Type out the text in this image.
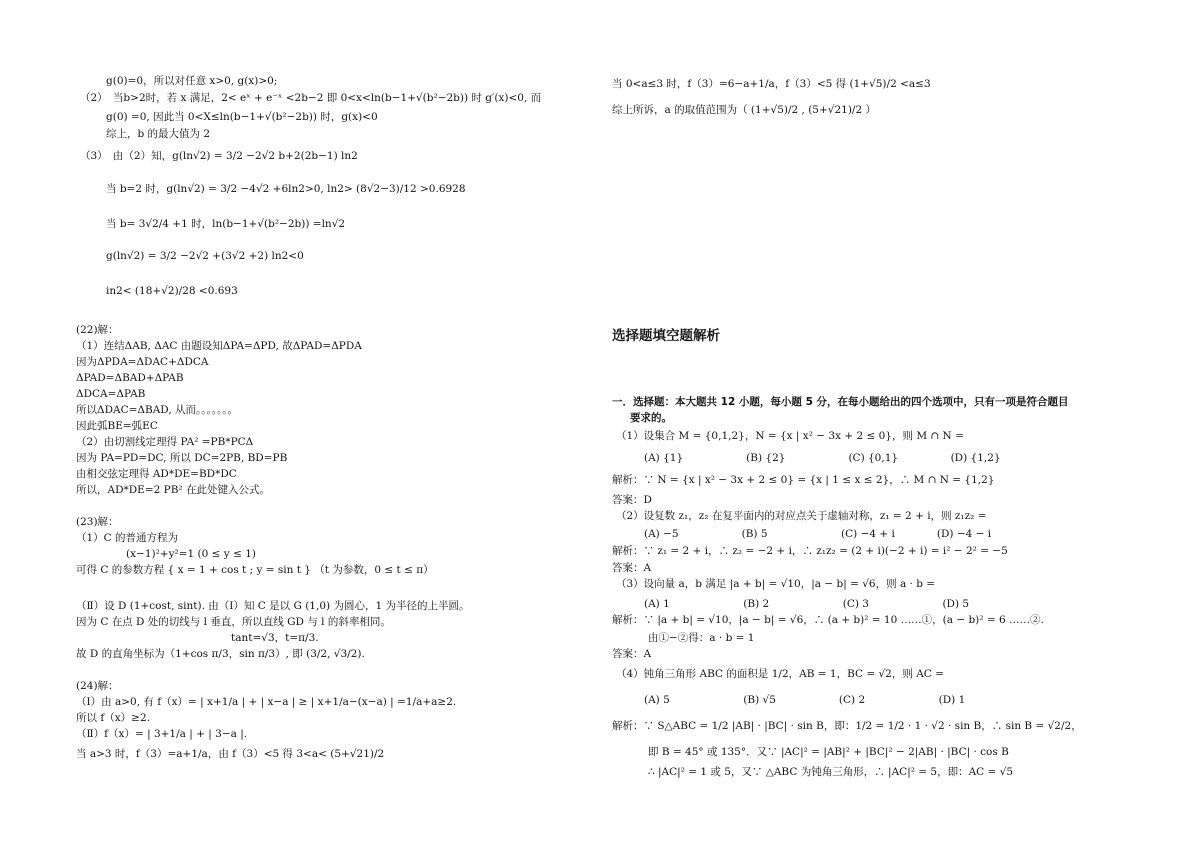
g(0)=0，所以对任意 x>0, g(x)>0;
（2）　当b>2时，若 x 满足，2< eˣ + e⁻ˣ <2b−2 即 0<x<ln(b−1+√(b²−2b)) 时 g′(x)<0, 而
g(0) =0, 因此当 0<X≤ln(b−1+√(b²−2b)) 时，g(x)<0
综上，b 的最大值为 2
（3）　由（2）知，g(ln√2) = 3/2 −2√2 b+2(2b−1) ln2
当 b=2 时，g(ln√2) = 3/2 −4√2 +6ln2>0, ln2> (8√2−3)/12 >0.6928
当 b= 3√2/4 +1 时，ln(b−1+√(b²−2b)) =ln√2
g(ln√2) = 3/2 −2√2 +(3√2 +2) ln2<0
in2< (18+√2)/28 <0.693
(22)解：
（1）连结ΔAB, ΔAC 由题设知ΔPA=ΔPD, 故ΔPAD=ΔPDA
因为ΔPDA=ΔDAC+ΔDCA
ΔPAD=ΔBAD+ΔPAB
ΔDCA=ΔPAB
所以ΔDAC=ΔBAD, 从而。。。。。。。
因此弧BE=弧EC
（2）由切割线定理得 PA² =PB*PCΔ
因为 PA=PD=DC, 所以 DC=2PB, BD=PB
由相交弦定理得 AD*DE=BD*DC
所以，AD*DE=2 PB² 在此处键入公式。
(23)解：
（1）C 的普通方程为
(x−1)²+y²=1 (0 ≤ y ≤ 1)
可得 C 的参数方程 { x = 1 + cos t ; y = sin t } （t 为参数，0 ≤ t ≤ π）
（Ⅱ）设 D (1+cost, sint). 由（Ⅰ）知 C 是以 G (1,0) 为圆心，1 为半径的上半圆。
因为 C 在点 D 处的切线与 l 垂直，所以直线 GD 与 l 的斜率相同。
tant=√3，t=π/3.
故 D 的直角坐标为（1+cos π/3，sin π/3）, 即 (3/2, √3/2).
(24)解：
（Ⅰ）由 a>0, 有 f（x）= | x+1/a | + | x−a | ≥ | x+1/a−(x−a) | =1/a+a≥2.
所以 f（x）≥2.
（Ⅱ）f（x）= | 3+1/a | + | 3−a |.
当 a>3 时，f（3）=a+1/a，由 f（3）<5 得 3<a< (5+√21)/2
当 0<a≤3 时，f（3）=6−a+1/a，f（3）<5 得 (1+√5)/2 <a≤3
综上所诉，a 的取值范围为（ (1+√5)/2 , (5+√21)/2 ）
选择题填空题解析
一．选择题：本大题共 12 小题，每小题 5 分，在每小题给出的四个选项中，只有一项是符合题目
要求的。
（1）设集合 M = {0,1,2}，N = {x | x² − 3x + 2 ≤ 0}，则 M ∩ N =
(A) {1}　　　　　　(B) {2}　　　　　　(C) {0,1}　　　　　(D) {1,2}
解析：∵ N = {x | x² − 3x + 2 ≤ 0} = {x | 1 ≤ x ≤ 2}，∴ M ∩ N = {1,2}
答案：D
（2）设复数 z₁，z₂ 在复平面内的对应点关于虚轴对称，z₁ = 2 + i，则 z₁z₂ =
(A) −5　　　　　　(B) 5　　　　　　　(C) −4 + i　　　　(D) −4 − i
解析：∵ z₁ = 2 + i，∴ z₂ = −2 + i，∴ z₁z₂ = (2 + i)(−2 + i) = i² − 2² = −5
答案：A
（3）设向量 a，b 满足 |a + b| = √10，|a − b| = √6，则 a · b =
(A) 1　　　　　　　(B) 2　　　　　　　(C) 3　　　　　　　(D) 5
解析：∵ |a + b| = √10，|a − b| = √6，∴ (a + b)² = 10 ……①，(a − b)² = 6 ……②.
由①−②得：a · b = 1
答案：A
（4）钝角三角形 ABC 的面积是 1/2，AB = 1，BC = √2，则 AC =
(A) 5　　　　　　　(B) √5　　　　　　(C) 2　　　　　　　(D) 1
解析：∵ S△ABC = 1/2 |AB| · |BC| · sin B，即：1/2 = 1/2 · 1 · √2 · sin B，∴ sin B = √2/2，
即 B = 45° 或 135°．又∵ |AC|² = |AB|² + |BC|² − 2|AB| · |BC| · cos B
∴ |AC|² = 1 或 5，又∵ △ABC 为钝角三角形，∴ |AC|² = 5，即：AC = √5
